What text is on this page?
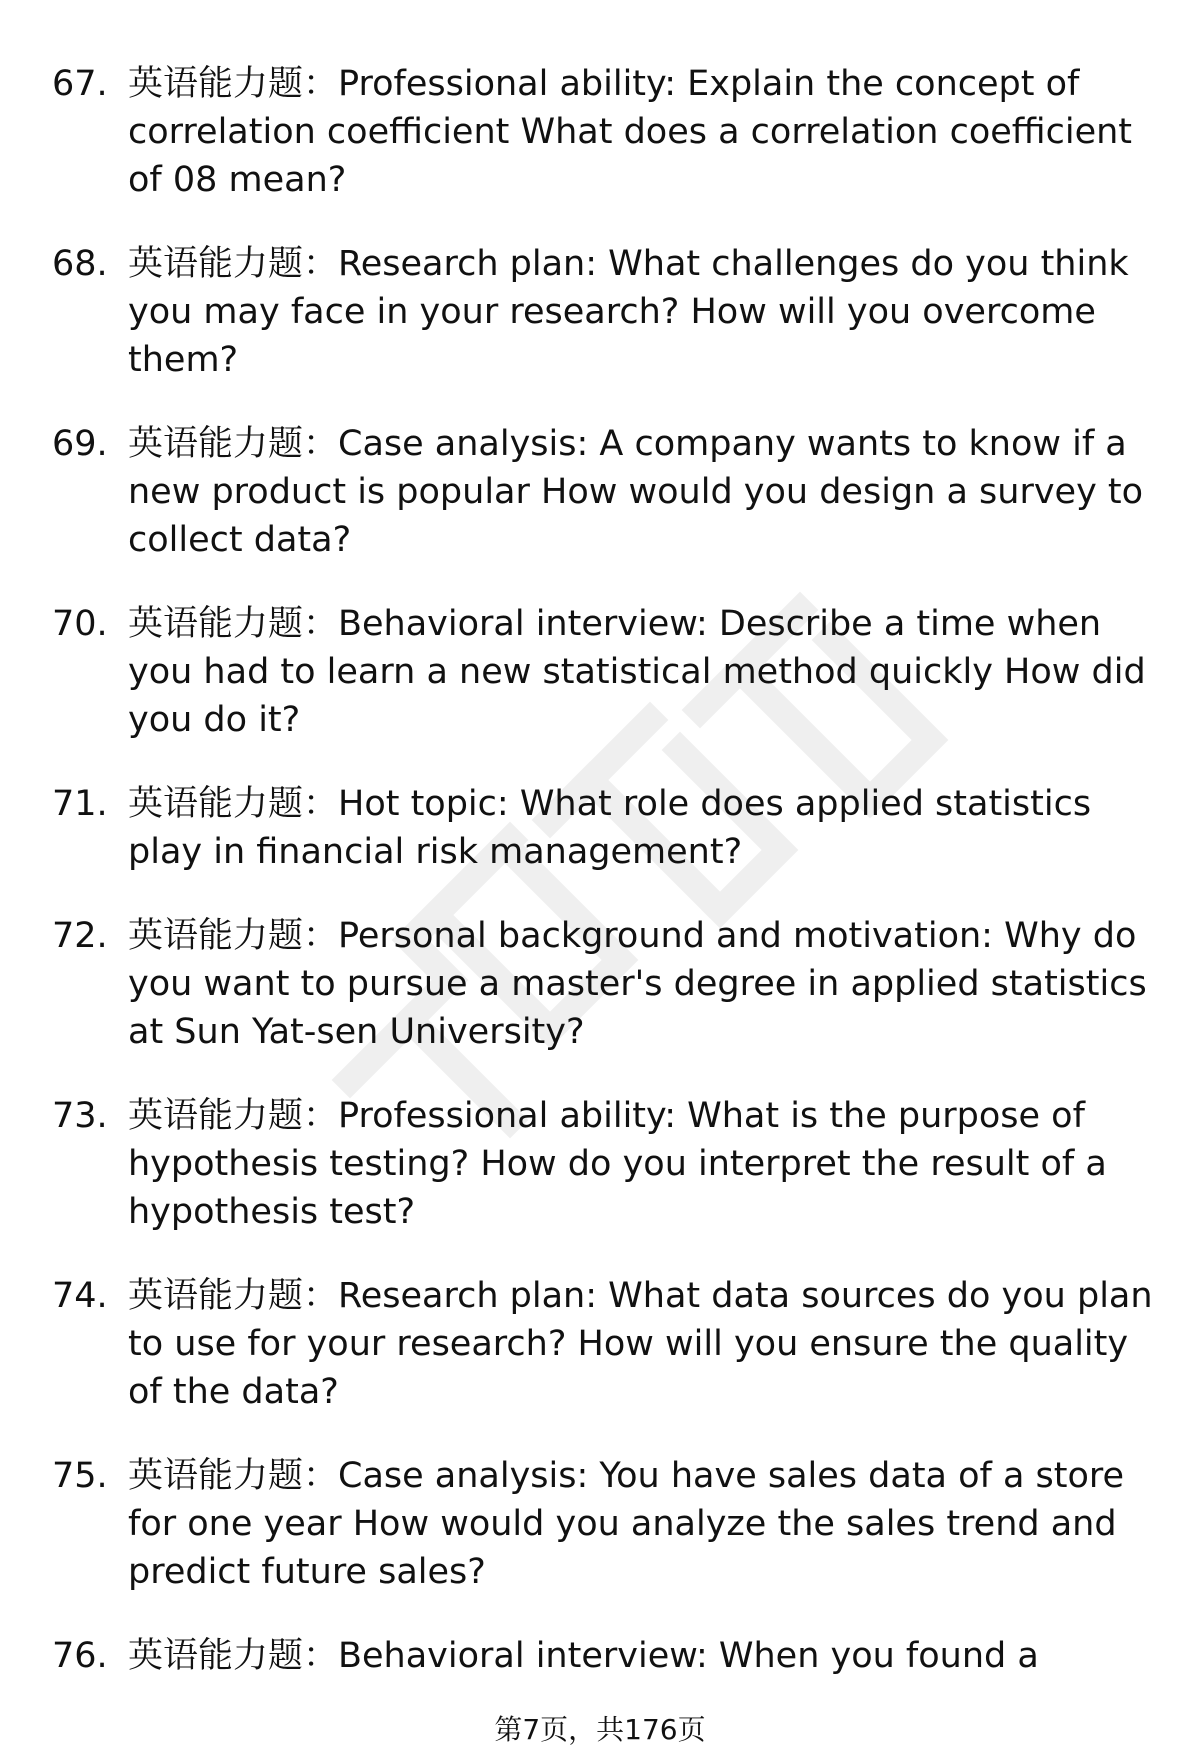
67. 英语能力题：Professional ability: Explain the concept of correlation coefficient What does a correlation coefficient of 08 mean?
68. 英语能力题：Research plan: What challenges do you think you may face in your research? How will you overcome them?
69. 英语能力题：Case analysis: A company wants to know if a new product is popular How would you design a survey to collect data?
70. 英语能力题：Behavioral interview: Describe a time when you had to learn a new statistical method quickly How did you do it?
71. 英语能力题：Hot topic: What role does applied statistics play in financial risk management?
72. 英语能力题：Personal background and motivation: Why do you want to pursue a master's degree in applied statistics at Sun Yat-sen University?
73. 英语能力题：Professional ability: What is the purpose of hypothesis testing? How do you interpret the result of a hypothesis test?
74. 英语能力题：Research plan: What data sources do you plan to use for your research? How will you ensure the quality of the data?
75. 英语能力题：Case analysis: You have sales data of a store for one year How would you analyze the sales trend and predict future sales?
76. 英语能力题：Behavioral interview: When you found a
第7页，共176页
